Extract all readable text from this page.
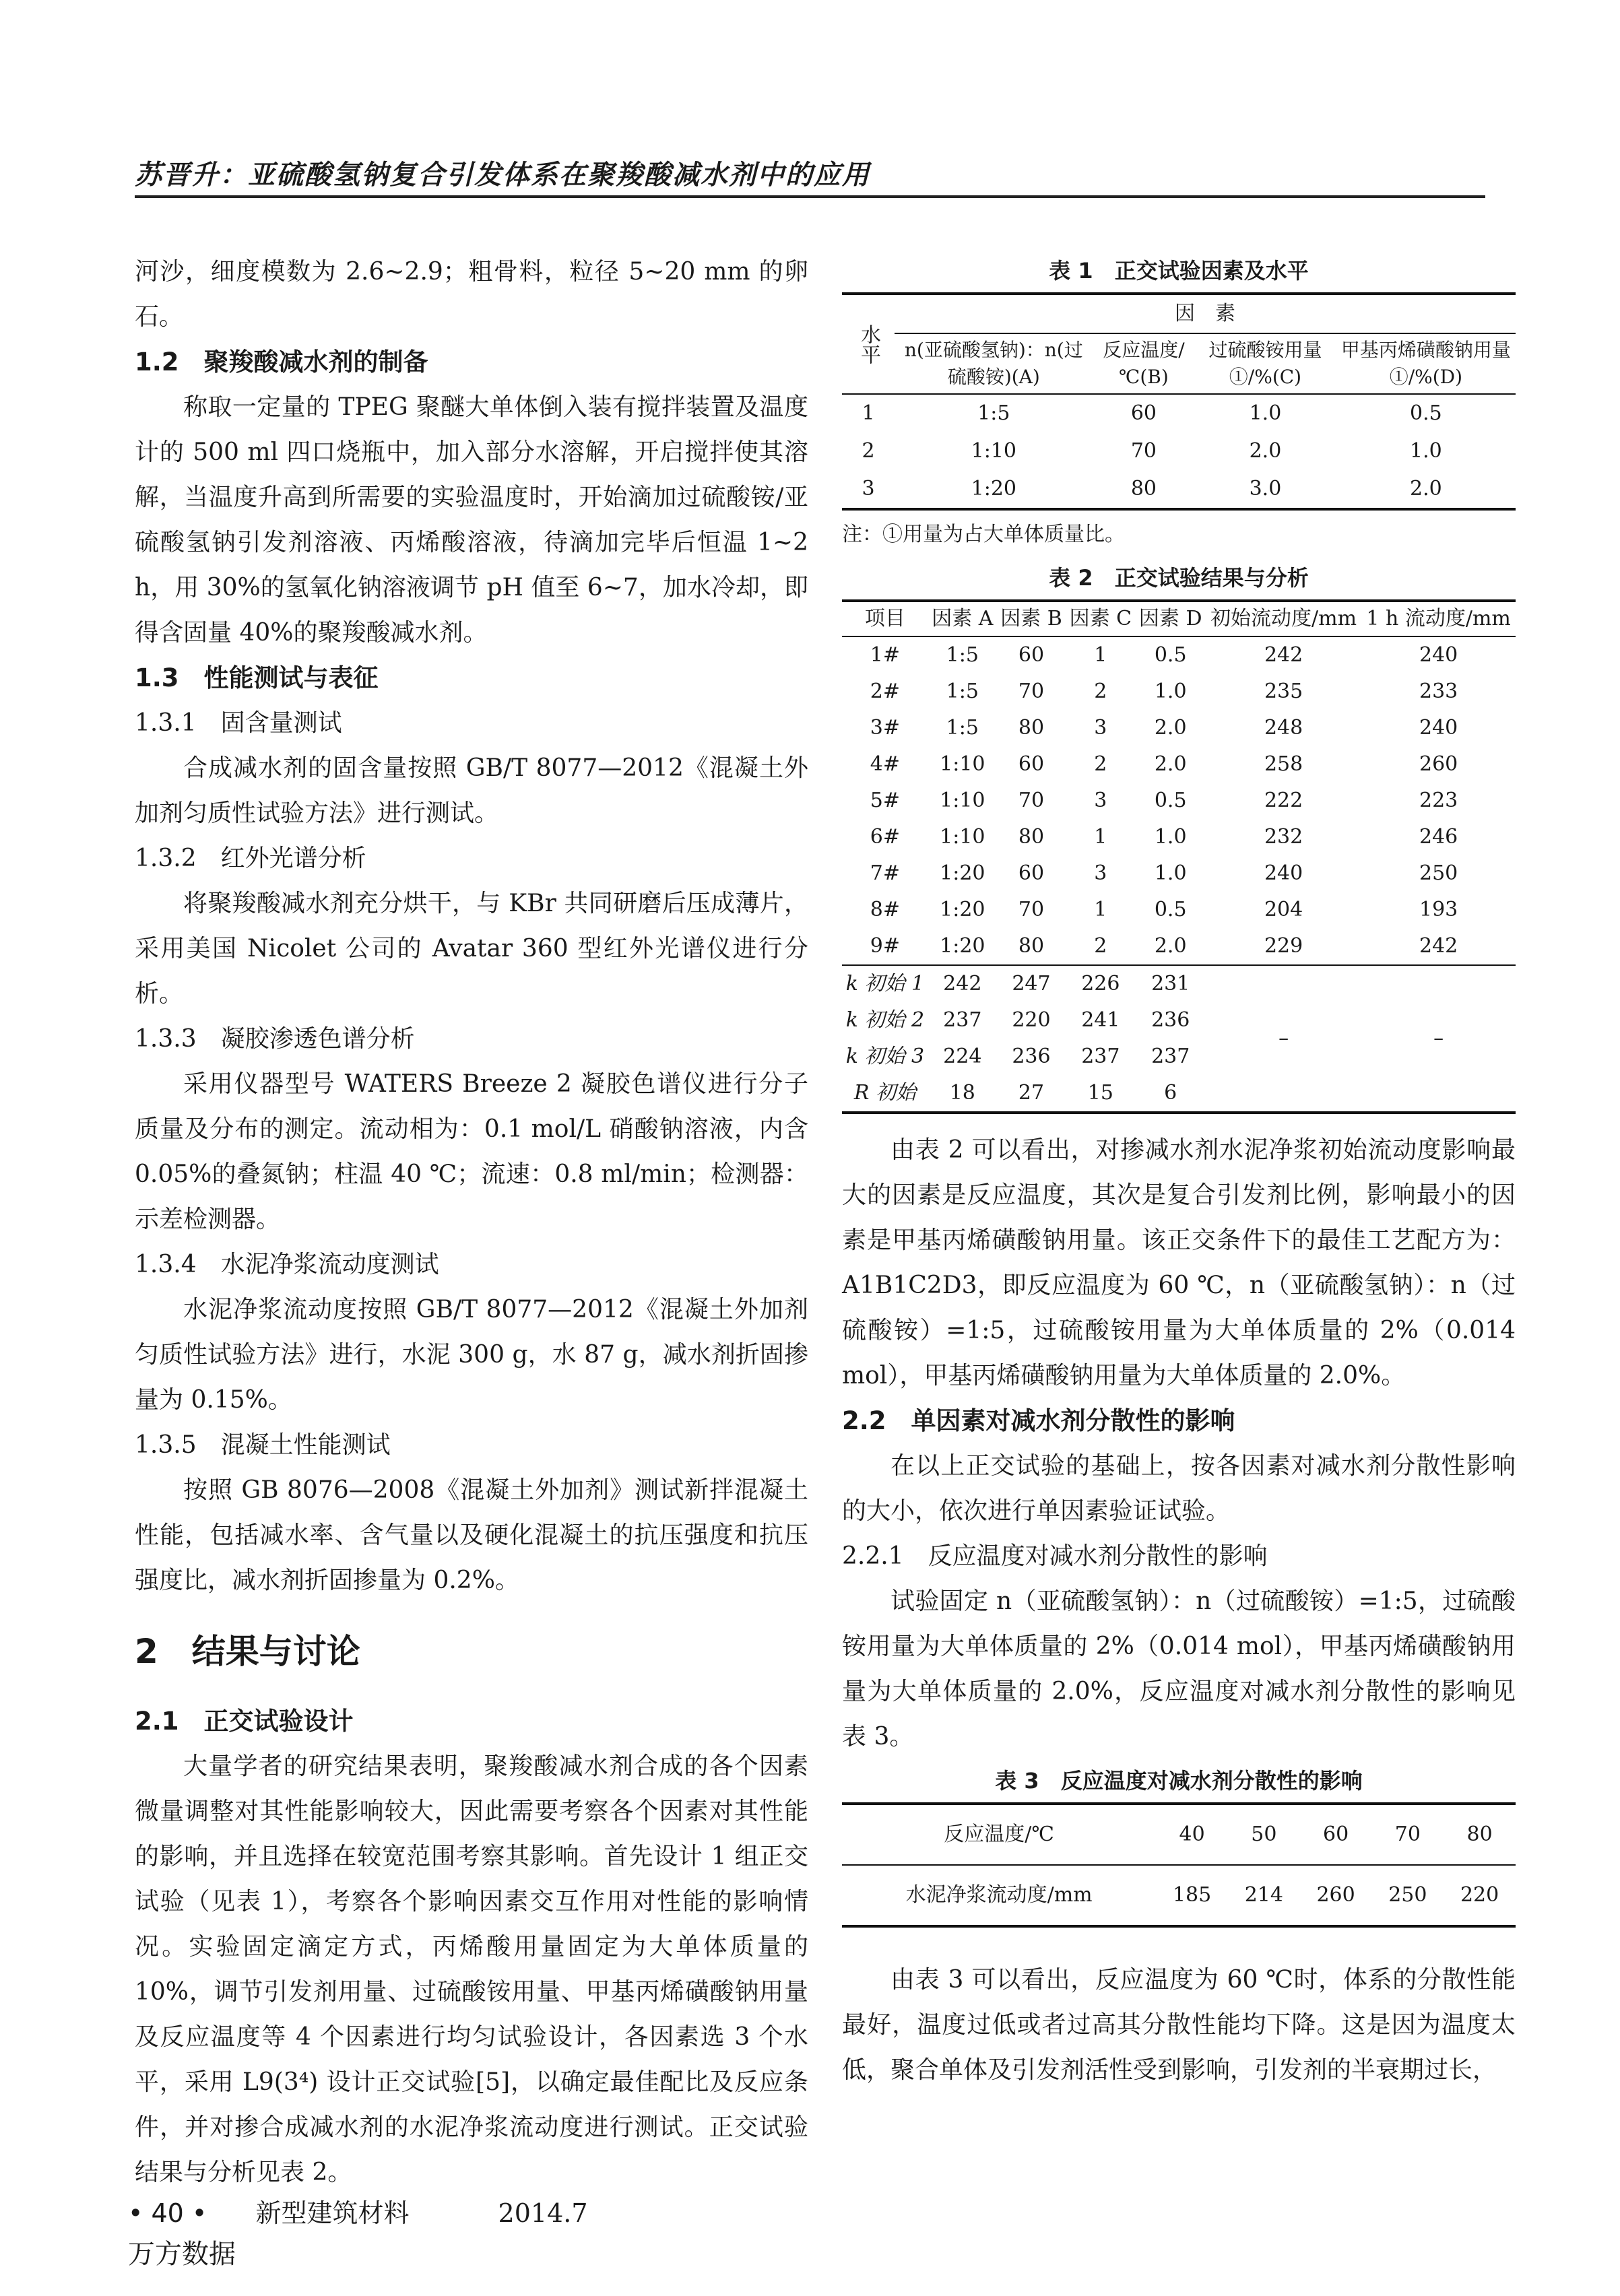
苏晋升：亚硫酸氢钠复合引发体系在聚羧酸减水剂中的应用

河沙，细度模数为 2.6~2.9；粗骨料，粒径 5~20 mm 的卵石。

1.2　聚羧酸减水剂的制备

称取一定量的 TPEG 聚醚大单体倒入装有搅拌装置及温度计的 500 ml 四口烧瓶中，加入部分水溶解，开启搅拌使其溶解，当温度升高到所需要的实验温度时，开始滴加过硫酸铵/亚硫酸氢钠引发剂溶液、丙烯酸溶液，待滴加完毕后恒温 1~2 h，用 30%的氢氧化钠溶液调节 pH 值至 6~7，加水冷却，即得含固量 40%的聚羧酸减水剂。

1.3　性能测试与表征

1.3.1　固含量测试

合成减水剂的固含量按照 GB/T 8077—2012《混凝土外加剂匀质性试验方法》进行测试。

1.3.2　红外光谱分析

将聚羧酸减水剂充分烘干，与 KBr 共同研磨后压成薄片，采用美国 Nicolet 公司的 Avatar 360 型红外光谱仪进行分析。

1.3.3　凝胶渗透色谱分析

采用仪器型号 WATERS Breeze 2 凝胶色谱仪进行分子质量及分布的测定。流动相为：0.1 mol/L 硝酸钠溶液，内含 0.05%的叠氮钠；柱温 40 ℃；流速：0.8 ml/min；检测器：示差检测器。

1.3.4　水泥净浆流动度测试

水泥净浆流动度按照 GB/T 8077—2012《混凝土外加剂匀质性试验方法》进行，水泥 300 g，水 87 g，减水剂折固掺量为 0.15%。

1.3.5　混凝土性能测试

按照 GB 8076—2008《混凝土外加剂》测试新拌混凝土性能，包括减水率、含气量以及硬化混凝土的抗压强度和抗压强度比，减水剂折固掺量为 0.2%。

2　结果与讨论

2.1　正交试验设计

大量学者的研究结果表明，聚羧酸减水剂合成的各个因素微量调整对其性能影响较大，因此需要考察各个因素对其性能的影响，并且选择在较宽范围考察其影响。首先设计 1 组正交试验（见表 1），考察各个影响因素交互作用对性能的影响情况。实验固定滴定方式，丙烯酸用量固定为大单体质量的 10%，调节引发剂用量、过硫酸铵用量、甲基丙烯磺酸钠用量及反应温度等 4 个因素进行均匀试验设计，各因素选 3 个水平，采用 L9(3⁴) 设计正交试验[5]，以确定最佳配比及反应条件，并对掺合成减水剂的水泥净浆流动度进行测试。正交试验结果与分析见表 2。

表 1　正交试验因素及水平

水平	因　素			
	n(亚硫酸氢钠)：n(过硫酸铵)(A)	反应温度/℃(B)	过硫酸铵用量①/%(C)	甲基丙烯磺酸钠用量①/%(D)
1	1:5	60	1.0	0.5
2	1:10	70	2.0	1.0
3	1:20	80	3.0	2.0

注：①用量为占大单体质量比。

表 2　正交试验结果与分析

项目	因素 A	因素 B	因素 C	因素 D	初始流动度/mm	1 h 流动度/mm
1#	1:5	60	1	0.5	242	240
2#	1:5	70	2	1.0	235	233
3#	1:5	80	3	2.0	248	240
4#	1:10	60	2	2.0	258	260
5#	1:10	70	3	0.5	222	223
6#	1:10	80	1	1.0	232	246
7#	1:20	60	3	1.0	240	250
8#	1:20	70	1	0.5	204	193
9#	1:20	80	2	2.0	229	242
k 初始 1	242	247	226	231	–	–
k 初始 2	237	220	241	236		
k 初始 3	224	236	237	237		
R 初始	18	27	15	6		

由表 2 可以看出，对掺减水剂水泥净浆初始流动度影响最大的因素是反应温度，其次是复合引发剂比例，影响最小的因素是甲基丙烯磺酸钠用量。该正交条件下的最佳工艺配方为：A1B1C2D3，即反应温度为 60 ℃，n（亚硫酸氢钠）：n（过硫酸铵）=1:5，过硫酸铵用量为大单体质量的 2%（0.014 mol），甲基丙烯磺酸钠用量为大单体质量的 2.0%。

2.2　单因素对减水剂分散性的影响

在以上正交试验的基础上，按各因素对减水剂分散性影响的大小，依次进行单因素验证试验。

2.2.1　反应温度对减水剂分散性的影响

试验固定 n（亚硫酸氢钠）：n（过硫酸铵）=1:5，过硫酸铵用量为大单体质量的 2%（0.014 mol），甲基丙烯磺酸钠用量为大单体质量的 2.0%，反应温度对减水剂分散性的影响见表 3。

表 3　反应温度对减水剂分散性的影响

反应温度/℃	40	50	60	70	80
水泥净浆流动度/mm	185	214	260	250	220

由表 3 可以看出，反应温度为 60 ℃时，体系的分散性能最好，温度过低或者过高其分散性能均下降。这是因为温度太低，聚合单体及引发剂活性受到影响，引发剂的半衰期过长，

• 40 • 新型建筑材料	2014.7
万方数据
